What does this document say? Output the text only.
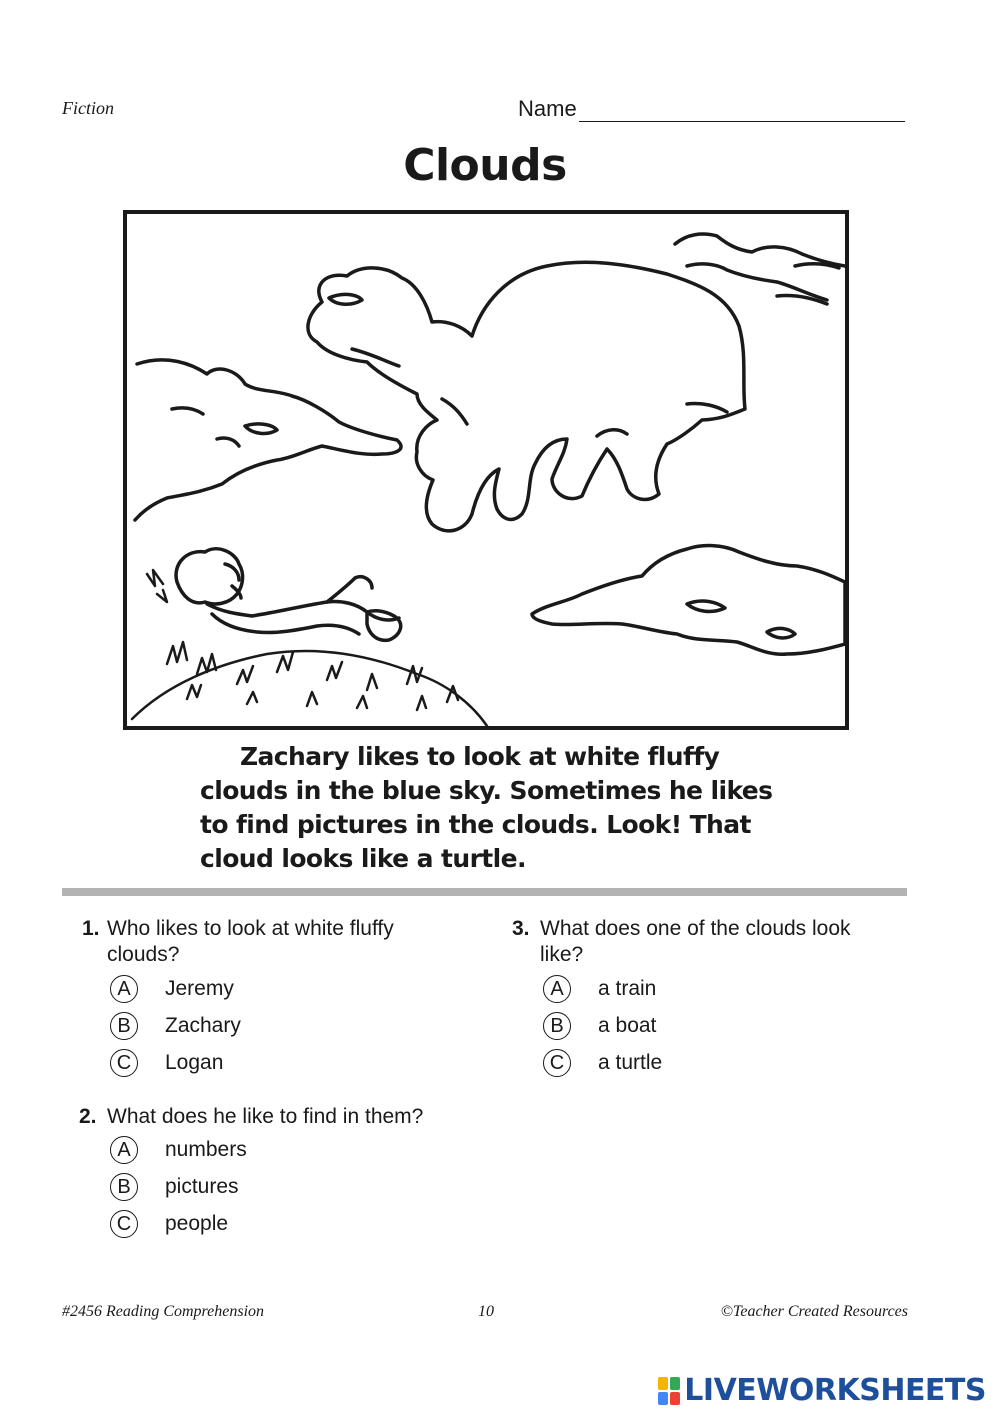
Fiction	Name
Clouds

Zachary likes to look at white fluffy clouds in the blue sky. Sometimes he likes to find pictures in the clouds. Look! That cloud looks like a turtle.

1. Who likes to look at white fluffy
clouds?
A	Jeremy
B	Zachary
C	Logan
2. What does he like to find in them?
A	numbers
B	pictures
C	people
3. What does one of the clouds look
like?
A	a train
B	a boat
C	a turtle
#2456 Reading Comprehension	10	©Teacher Created Resources
LIVEWORKSHEETS
